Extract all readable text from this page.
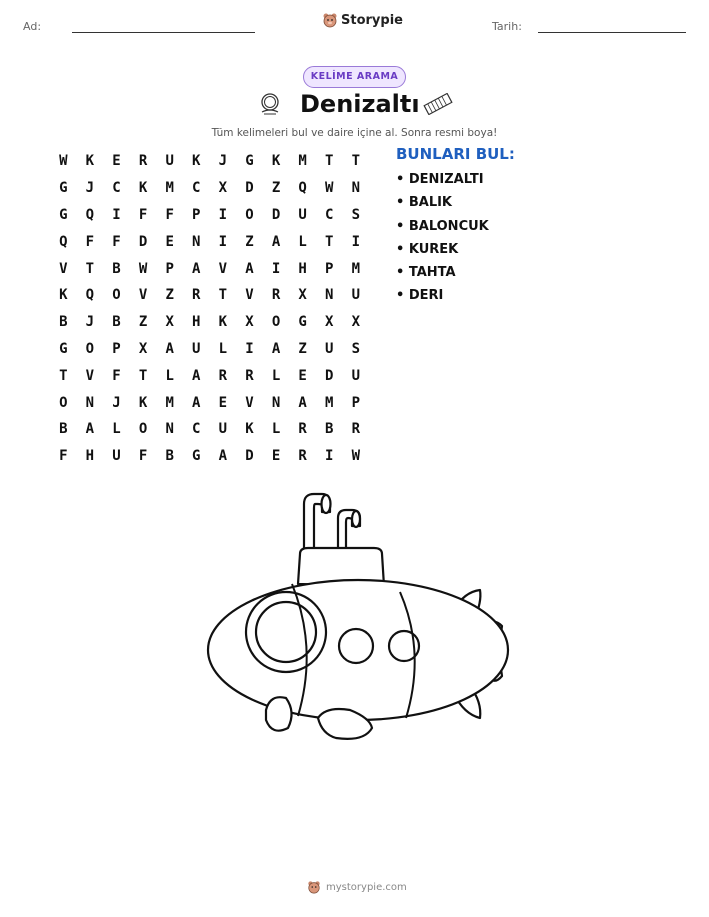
Ad:	Storypie	Tarih:
KELİME ARAMA
Denizaltı
Tüm kelimeleri bul ve daire içine al. Sonra resmi boya!
W	K	E	R	U	K	J	G	K	M	T	T
G	J	C	K	M	C	X	D	Z	Q	W	N
G	Q	I	F	F	P	I	O	D	U	C	S
Q	F	F	D	E	N	I	Z	A	L	T	I
V	T	B	W	P	A	V	A	I	H	P	M
K	Q	O	V	Z	R	T	V	R	X	N	U
B	J	B	Z	X	H	K	X	O	G	X	X
G	O	P	X	A	U	L	I	A	Z	U	S
T	V	F	T	L	A	R	R	L	E	D	U
O	N	J	K	M	A	E	V	N	A	M	P
B	A	L	O	N	C	U	K	L	R	B	R
F	H	U	F	B	G	A	D	E	R	I	W
BUNLARI BUL:
• DENIZALTI
• BALIK
• BALONCUK
• KUREK
• TAHTA
• DERI
mystorypie.com
